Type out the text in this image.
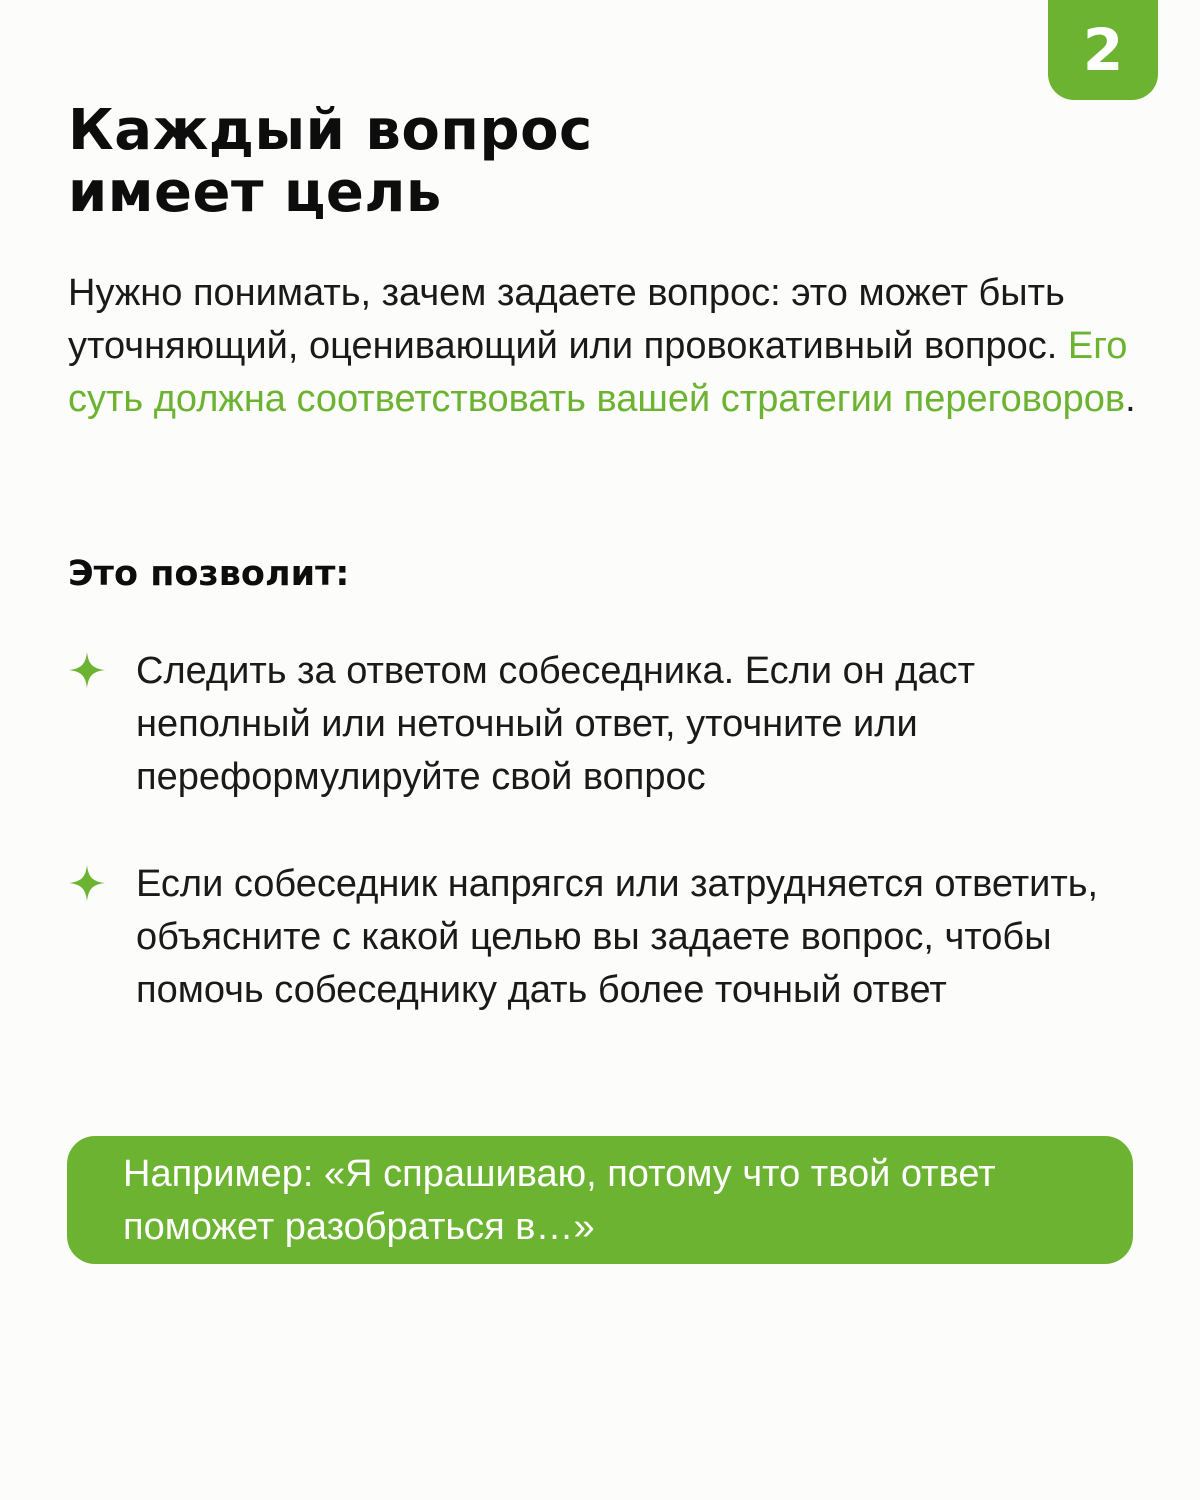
2
Каждый вопрос
имеет цель

Нужно понимать, зачем задаете вопрос: это может быть уточняющий, оценивающий или провокативный вопрос. Его суть должна соответствовать вашей стратегии переговоров.

Это позволит:

Следить за ответом собеседника. Если он даст неполный или неточный ответ, уточните или переформулируйте свой вопрос

Если собеседник напрягся или затрудняется ответить, объясните с какой целью вы задаете вопрос, чтобы помочь собеседнику дать более точный ответ

Например: «Я спрашиваю, потому что твой ответ поможет разобраться в…»
